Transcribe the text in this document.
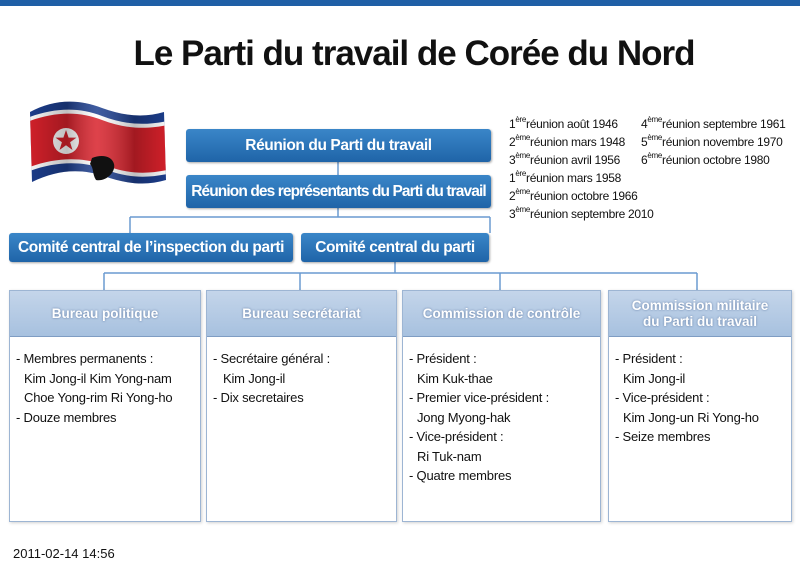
Le Parti du travail de Corée du Nord
Réunion du Parti du travail
Réunion des représentants du Parti du travail
Comité central de l’inspection du parti	Comité central du parti
1èreréunion août 1946
2èmeréunion mars 1948
3èmeréunion avril 1956
4èmeréunion septembre 1961
5èmeréunion novembre 1970
6èmeréunion octobre 1980
1èreréunion mars 1958
2èmeréunion octobre 1966
3èmeréunion septembre 2010
Bureau politique
- Membres permanents :
Kim Jong-il Kim Yong-nam
Choe Yong-rim Ri Yong-ho
- Douze membres
Bureau secrétariat
- Secrétaire général :
Kim Jong-il
- Dix secretaires
Commission de contrôle
- Président :
Kim Kuk-thae
- Premier vice-président :
Jong Myong-hak
- Vice-président :
Ri Tuk-nam
- Quatre membres
Commission militaire
du Parti du travail
- Président :
Kim Jong-il
- Vice-président :
Kim Jong-un Ri Yong-ho
- Seize membres
2011-02-14 14:56
